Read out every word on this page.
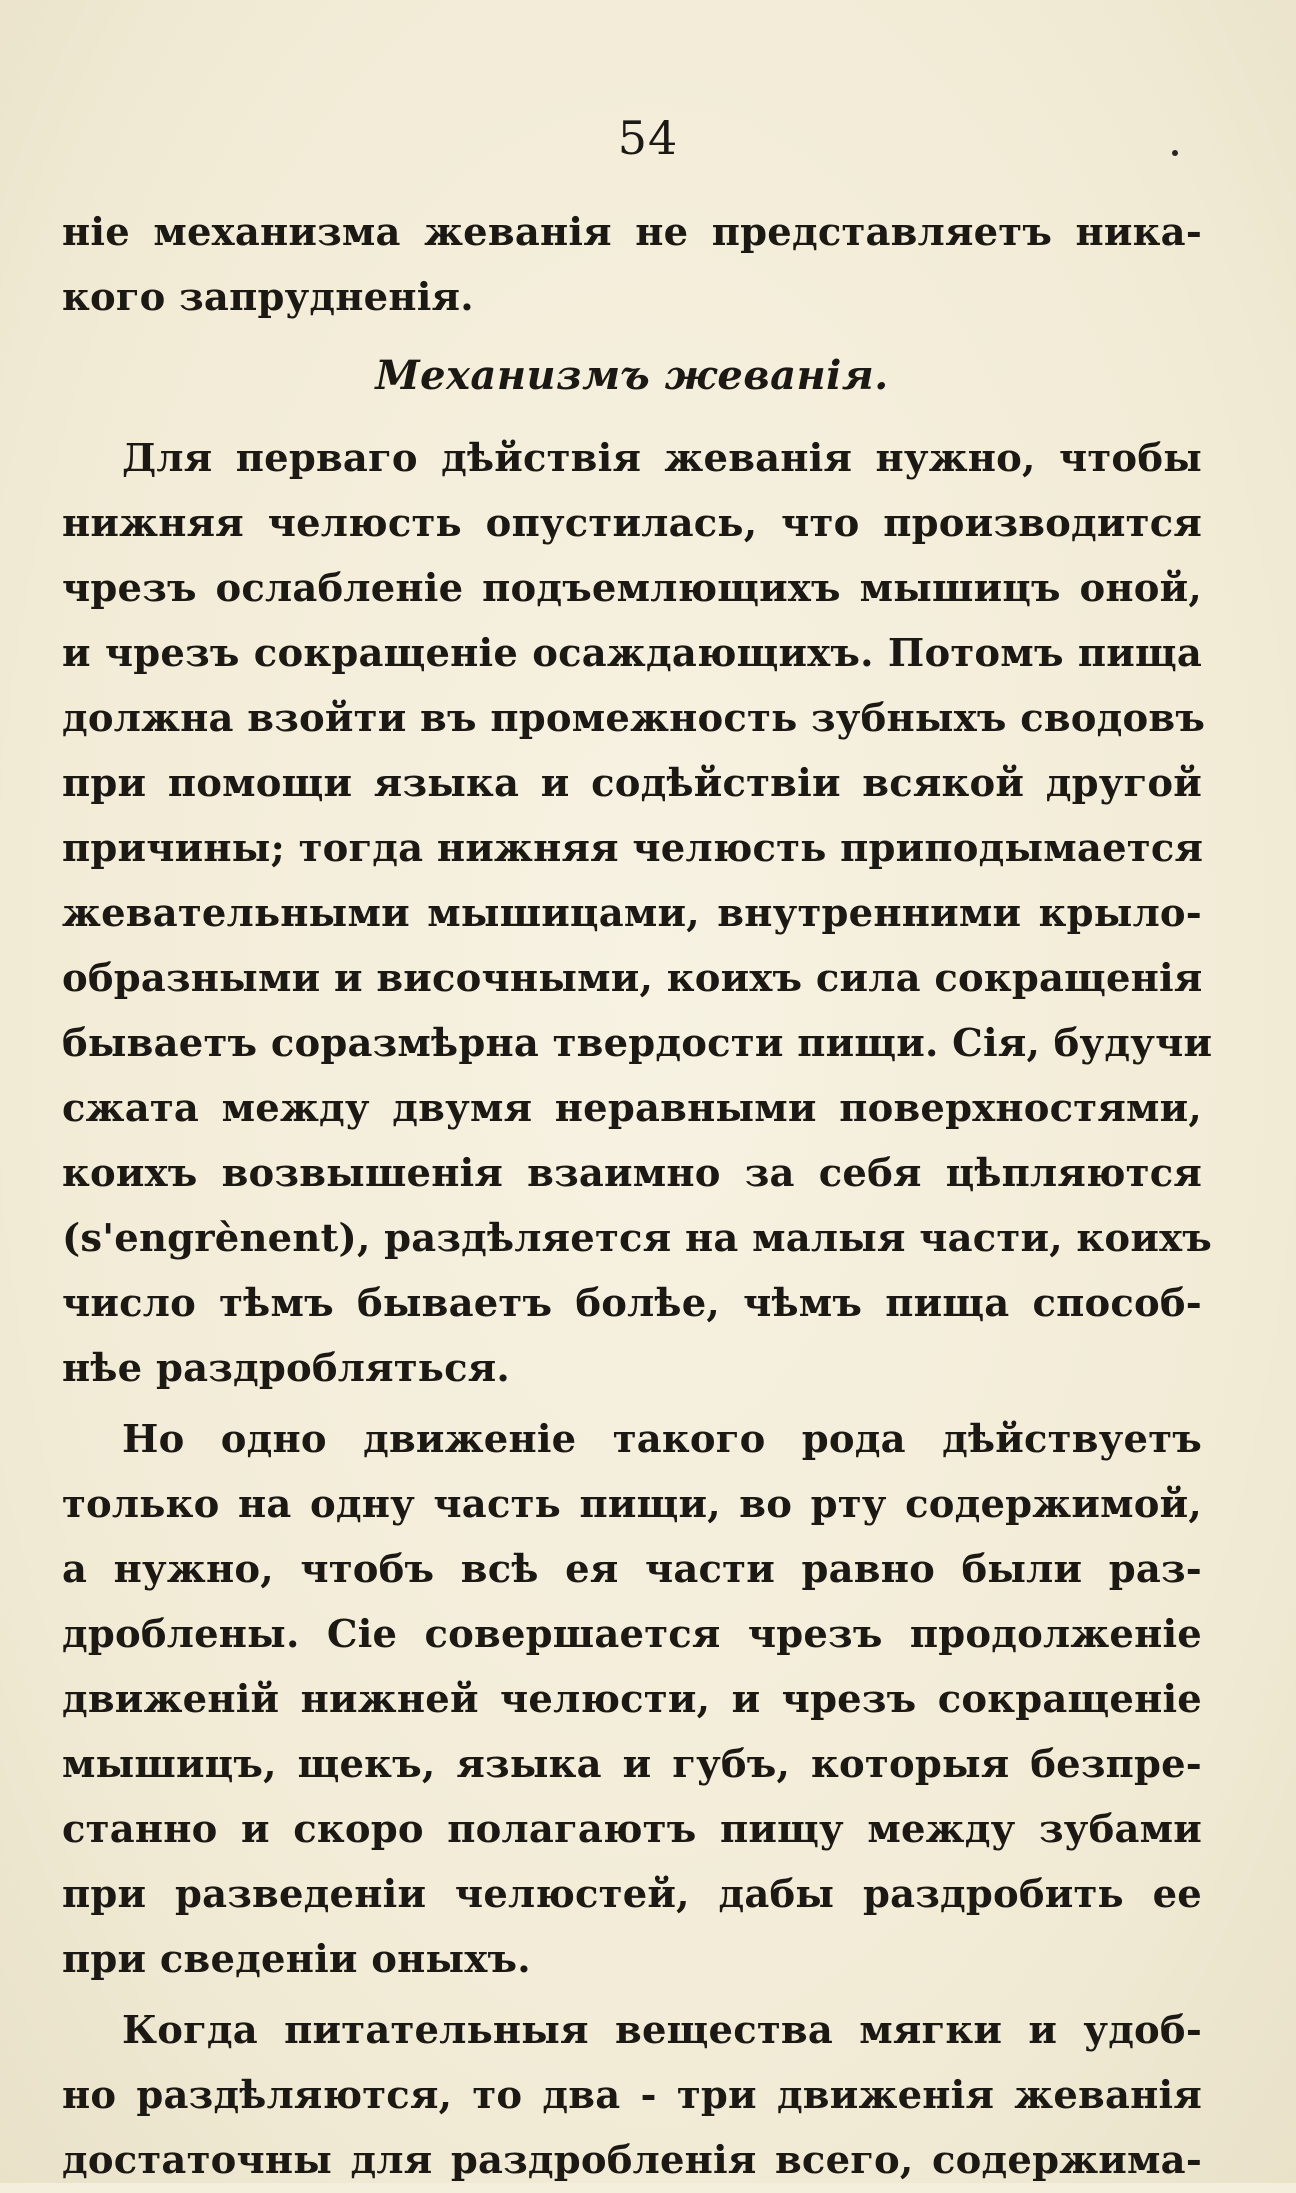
54
ніе механизма жеванія не представляетъ ника-
кого запрудненія.
Механизмъ жеванія.
Для перваго дѣйствія жеванія нужно, чтобы
нижняя челюсть опустилась, что производится
чрезъ ослабленіе подъемлющихъ мышицъ оной,
и чрезъ сокращеніе осаждающихъ. Потомъ пища
должна взойти въ промежность зубныхъ сводовъ
при помощи языка и содѣйствіи всякой другой
причины; тогда нижняя челюсть приподымается
жевательными мышицами, внутренними крыло-
образными и височными, коихъ сила сокращенія
бываетъ соразмѣрна твердости пищи. Сія, будучи
сжата между двумя неравными поверхностями,
коихъ возвышенія взаимно за себя цѣпляются
(s'engrènent), раздѣляется на малыя части, коихъ
число тѣмъ бываетъ болѣе, чѣмъ пища способ-
нѣе раздробляться.
Но одно движеніе такого рода дѣйствуетъ
только на одну часть пищи, во рту содержимой,
а нужно, чтобъ всѣ ея части равно были раз-
дроблены. Сіе совершается чрезъ продолженіе
движеній нижней челюсти, и чрезъ сокращеніе
мышицъ, щекъ, языка и губъ, которыя безпре-
станно и скоро полагаютъ пищу между зубами
при разведеніи челюстей, дабы раздробить ее
при сведеніи оныхъ.
Когда питательныя вещества мягки и удоб-
но раздѣляются, то два - три движенія жеванія
достаточны для раздробленія всего, содержима-
